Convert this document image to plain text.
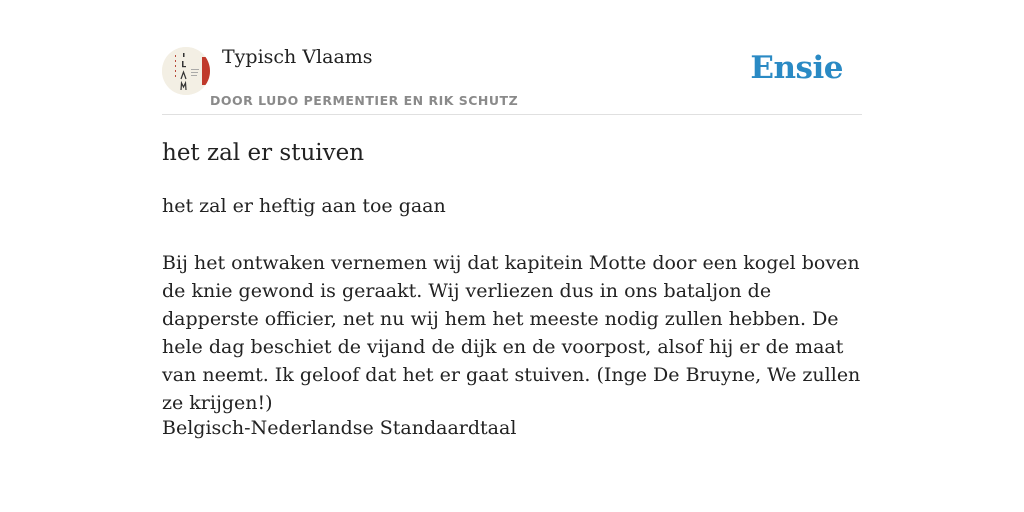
Typisch Vlaams
DOOR LUDO PERMENTIER EN RIK SCHUTZ
Ensie
het zal er stuiven

het zal er heftig aan toe gaan

Bij het ontwaken vernemen wij dat kapitein Motte door een kogel boven de knie gewond is geraakt. Wij verliezen dus in ons bataljon de dapperste officier, net nu wij hem het meeste nodig zullen hebben. De hele dag beschiet de vijand de dijk en de voorpost, alsof hij er de maat van neemt. Ik geloof dat het er gaat stuiven. (Inge De Bruyne, We zullen ze krijgen!)

Belgisch-Nederlandse Standaardtaal
